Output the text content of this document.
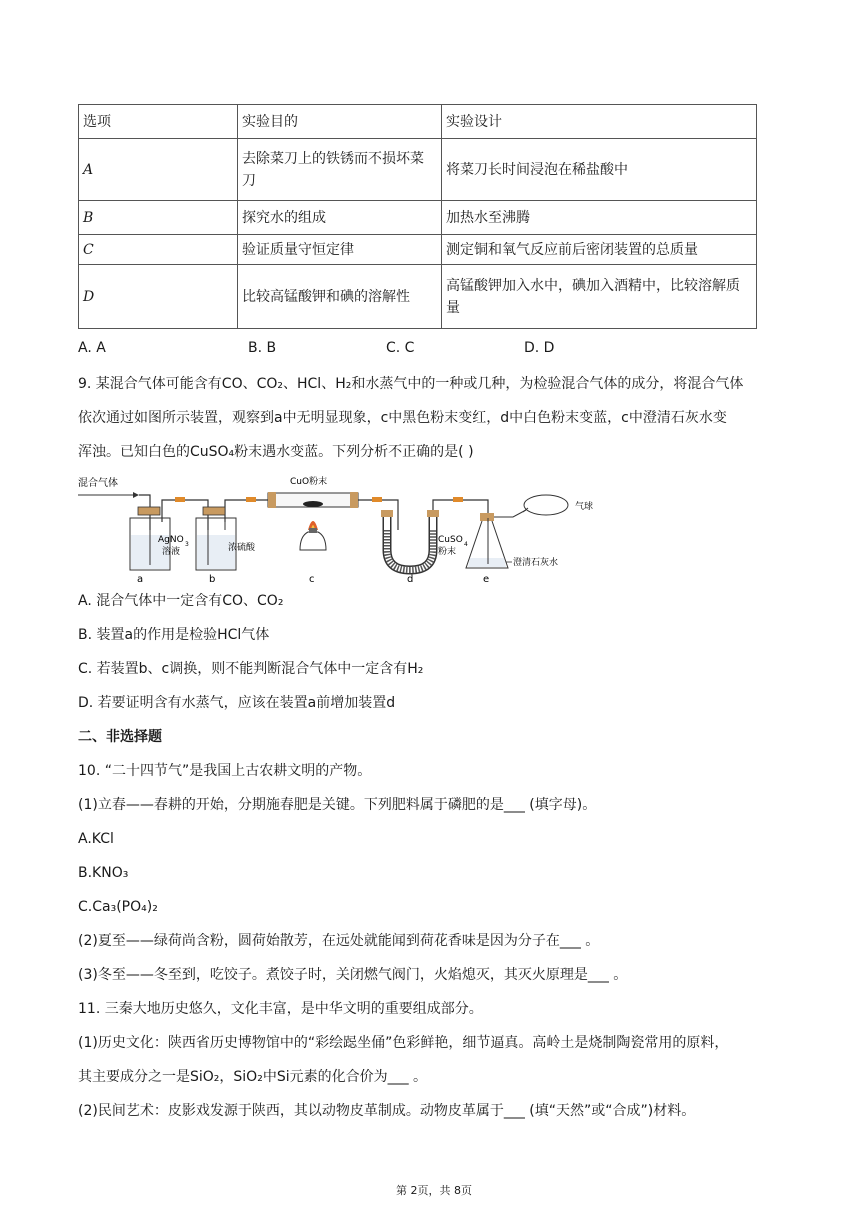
选项	实验目的	实验设计
A	去除菜刀上的铁锈而不损坏菜刀	将菜刀长时间浸泡在稀盐酸中
B	探究水的组成	加热水至沸腾
C	验证质量守恒定律	测定铜和氧气反应前后密闭装置的总质量
D	比较高锰酸钾和碘的溶解性	高锰酸钾加入水中，碘加入酒精中，比较溶解质量
A. A	B. B	C. C	D. D
9. 某混合气体可能含有CO、CO₂、HCl、H₂和水蒸气中的一种或几种，为检验混合气体的成分，将混合气体
依次通过如图所示装置，观察到a中无明显现象，c中黑色粉末变红，d中白色粉末变蓝，c中澄清石灰水变
浑浊。已知白色的CuSO₄粉末遇水变蓝。下列分析不正确的是( )
混合气体
AgNO 3
溶液	浓硫酸
CuO粉末
CuSO 4
粉末
气球
澄清石灰水
a	b	c	d	e
A. 混合气体中一定含有CO、CO₂
B. 装置a的作用是检验HCl气体
C. 若装置b、c调换，则不能判断混合气体中一定含有H₂
D. 若要证明含有水蒸气，应该在装置a前增加装置d
二、非选择题
10. “二十四节气”是我国上古农耕文明的产物。
(1)立春——春耕的开始，分期施春肥是关键。下列肥料属于磷肥的是___ (填字母)。
A.KCl
B.KNO₃
C.Ca₃(PO₄)₂
(2)夏至——绿荷尚含粉，圆荷始散芳，在远处就能闻到荷花香味是因为分子在___ 。
(3)冬至——冬至到，吃饺子。煮饺子时，关闭燃气阀门，火焰熄灭，其灭火原理是___ 。
11. 三秦大地历史悠久，文化丰富，是中华文明的重要组成部分。
(1)历史文化：陕西省历史博物馆中的“彩绘跽坐俑”色彩鲜艳，细节逼真。高岭土是烧制陶瓷常用的原料，
其主要成分之一是SiO₂，SiO₂中Si元素的化合价为___ 。
(2)民间艺术：皮影戏发源于陕西，其以动物皮革制成。动物皮革属于___ (填“天然”或“合成”)材料。
第 2页，共 8页
